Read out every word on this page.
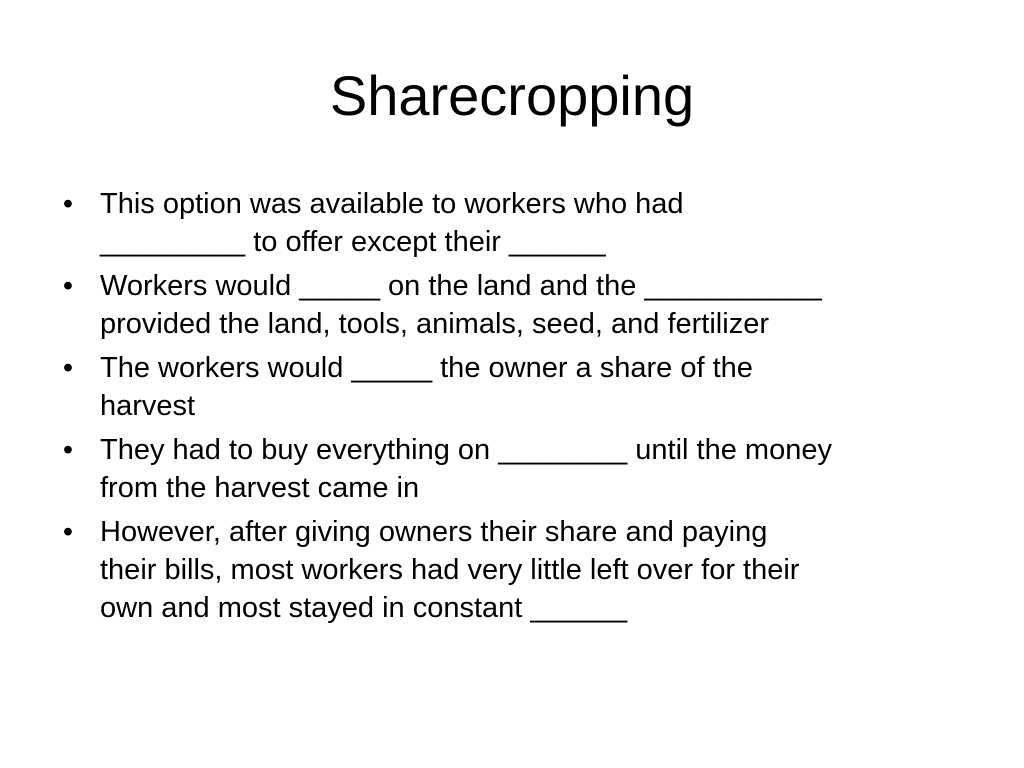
Sharecropping
• This option was available to workers who had
_________ to offer except their ______
• Workers would _____ on the land and the ___________
provided the land, tools, animals, seed, and fertilizer
• The workers would _____ the owner a share of the
harvest
• They had to buy everything on ________ until the money
from the harvest came in
• However, after giving owners their share and paying
their bills, most workers had very little left over for their
own and most stayed in constant ______
